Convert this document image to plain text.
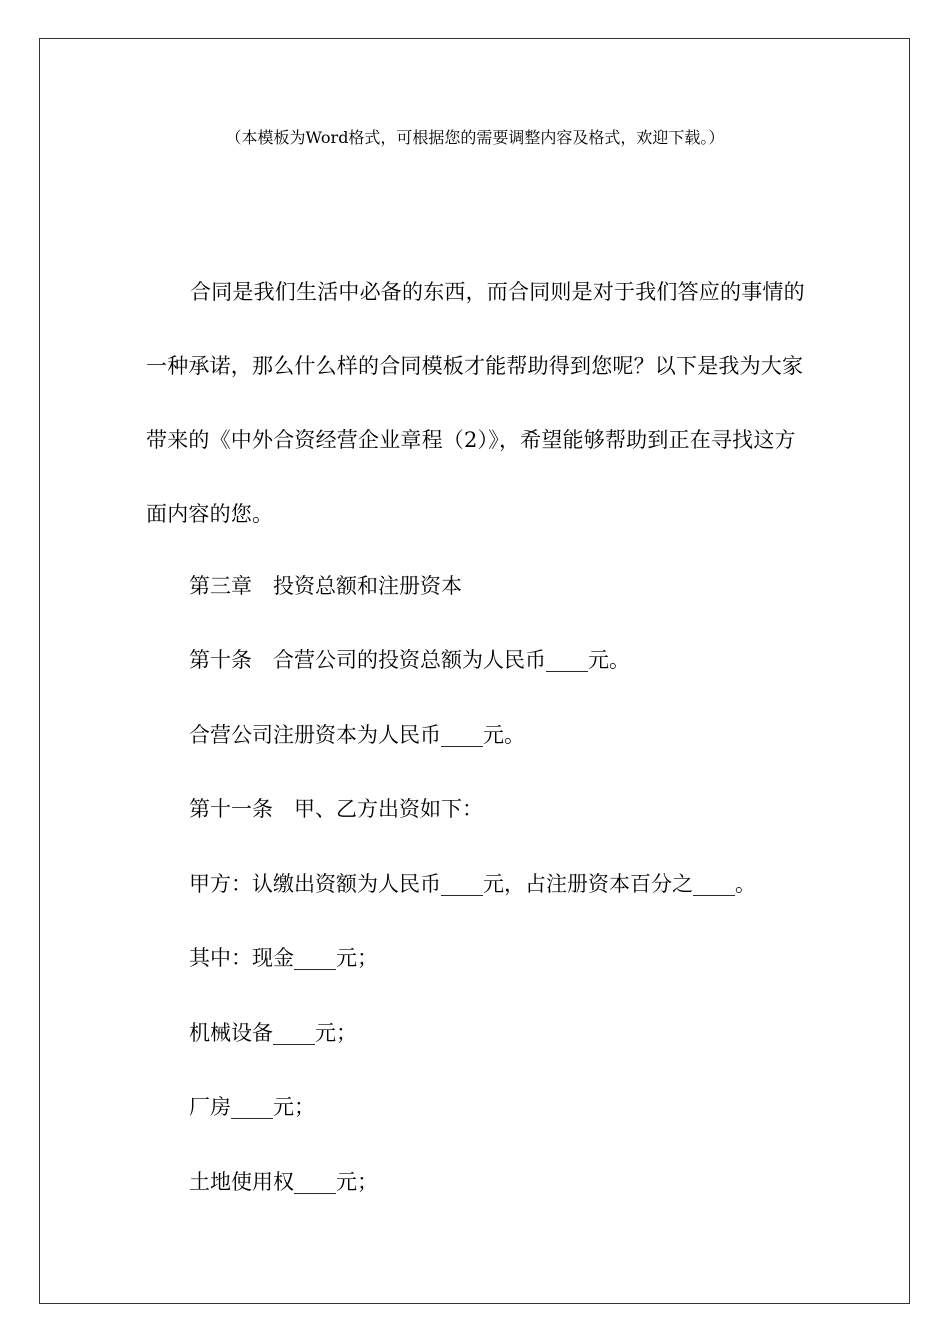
（本模板为Word格式，可根据您的需要调整内容及格式，欢迎下载。）

合同是我们生活中必备的东西，而合同则是对于我们答应的事情的一种承诺，那么什么样的合同模板才能帮助得到您呢？以下是我为大家带来的《中外合资经营企业章程（2）》，希望能够帮助到正在寻找这方面内容的您。

第三章　投资总额和注册资本

第十条　合营公司的投资总额为人民币____元。

合营公司注册资本为人民币____元。

第十一条　甲、乙方出资如下：

甲方：认缴出资额为人民币____元，占注册资本百分之____。

其中：现金____元；

机械设备____元；

厂房____元；

土地使用权____元；
